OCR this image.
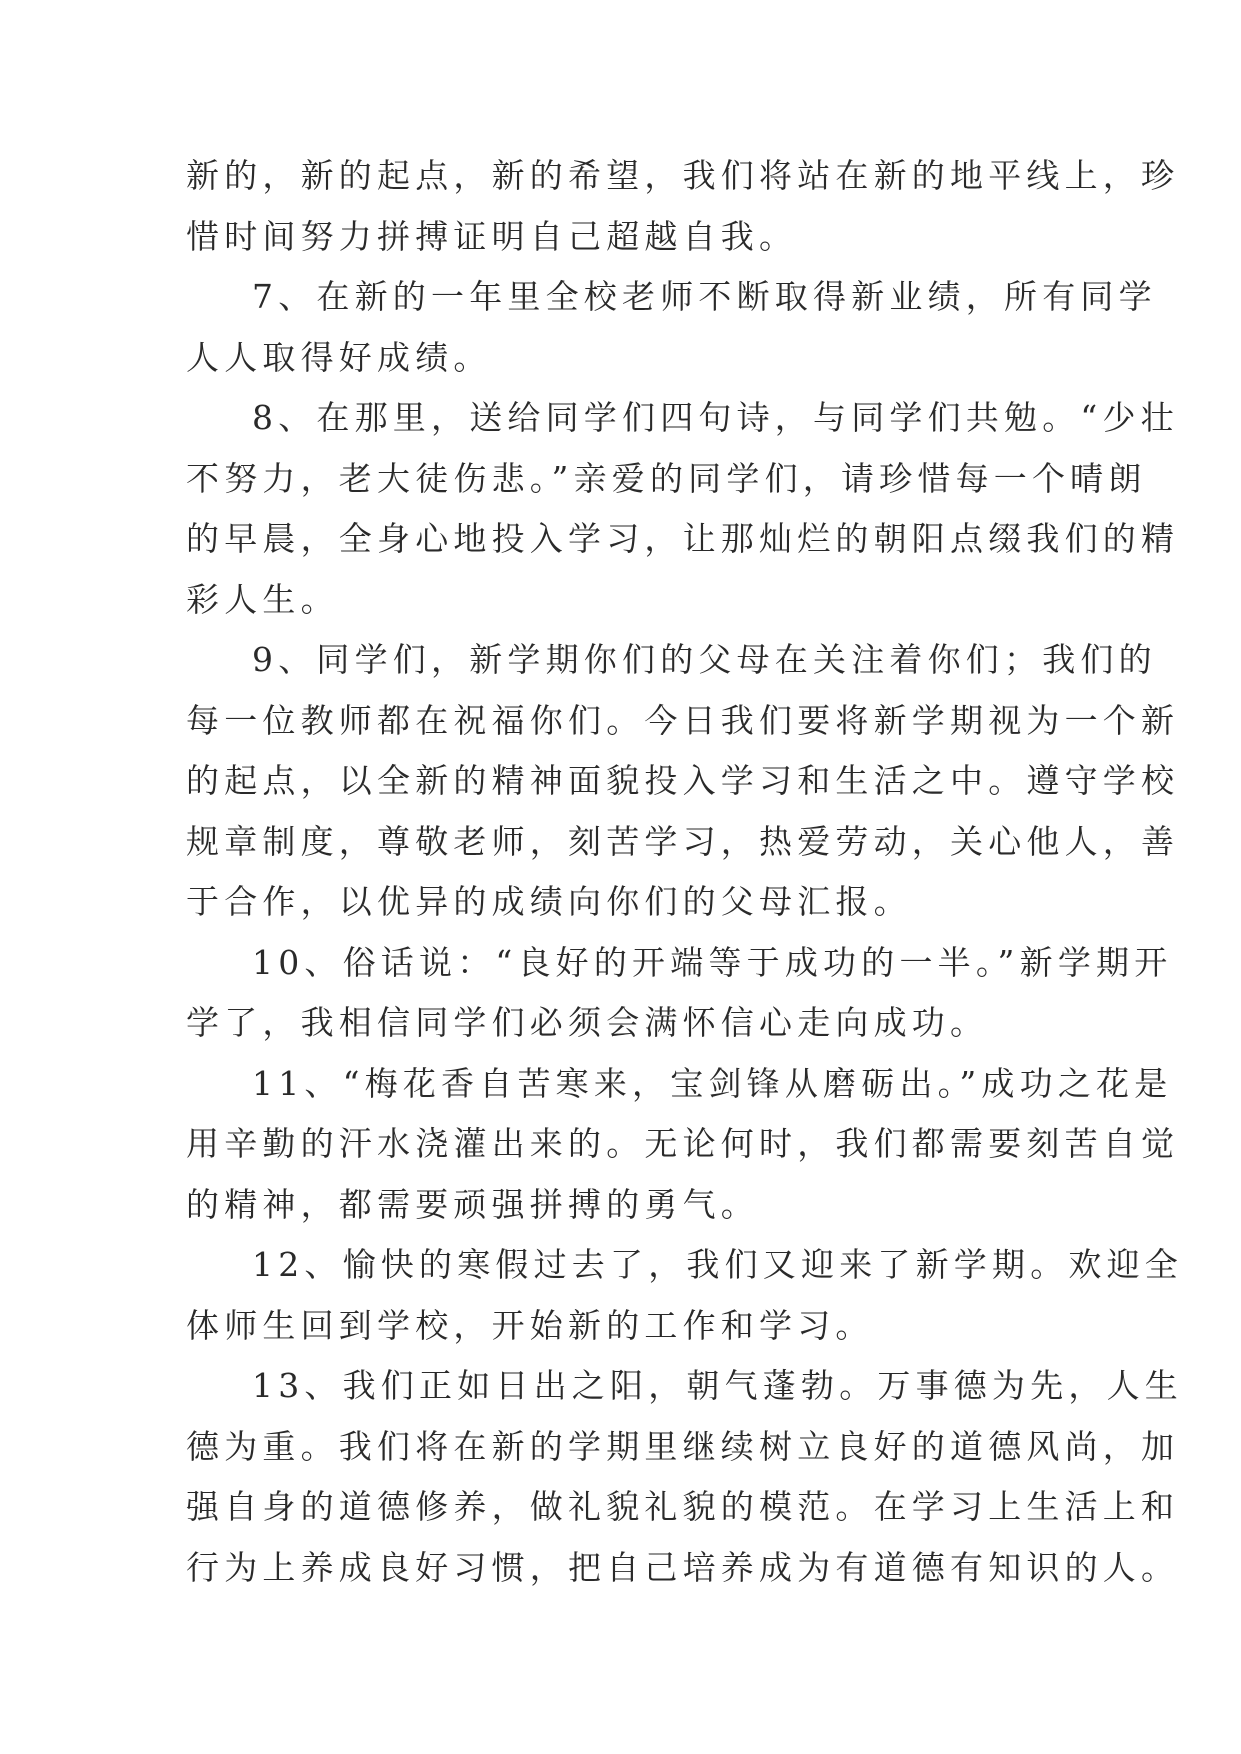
新的，新的起点，新的希望，我们将站在新的地平线上，珍
惜时间努力拼搏证明自己超越自我。
7、在新的一年里全校老师不断取得新业绩，所有同学
人人取得好成绩。
8、在那里，送给同学们四句诗，与同学们共勉。“少壮
不努力，老大徒伤悲。”亲爱的同学们，请珍惜每一个晴朗
的早晨，全身心地投入学习，让那灿烂的朝阳点缀我们的精
彩人生。
9、同学们，新学期你们的父母在关注着你们；我们的
每一位教师都在祝福你们。今日我们要将新学期视为一个新
的起点，以全新的精神面貌投入学习和生活之中。遵守学校
规章制度，尊敬老师，刻苦学习，热爱劳动，关心他人，善
于合作，以优异的成绩向你们的父母汇报。
10、俗话说：“良好的开端等于成功的一半。”新学期开
学了，我相信同学们必须会满怀信心走向成功。
11、“梅花香自苦寒来，宝剑锋从磨砺出。”成功之花是
用辛勤的汗水浇灌出来的。无论何时，我们都需要刻苦自觉
的精神，都需要顽强拼搏的勇气。
12、愉快的寒假过去了，我们又迎来了新学期。欢迎全
体师生回到学校，开始新的工作和学习。
13、我们正如日出之阳，朝气蓬勃。万事德为先，人生
德为重。我们将在新的学期里继续树立良好的道德风尚，加
强自身的道德修养，做礼貌礼貌的模范。在学习上生活上和
行为上养成良好习惯，把自己培养成为有道德有知识的人。
